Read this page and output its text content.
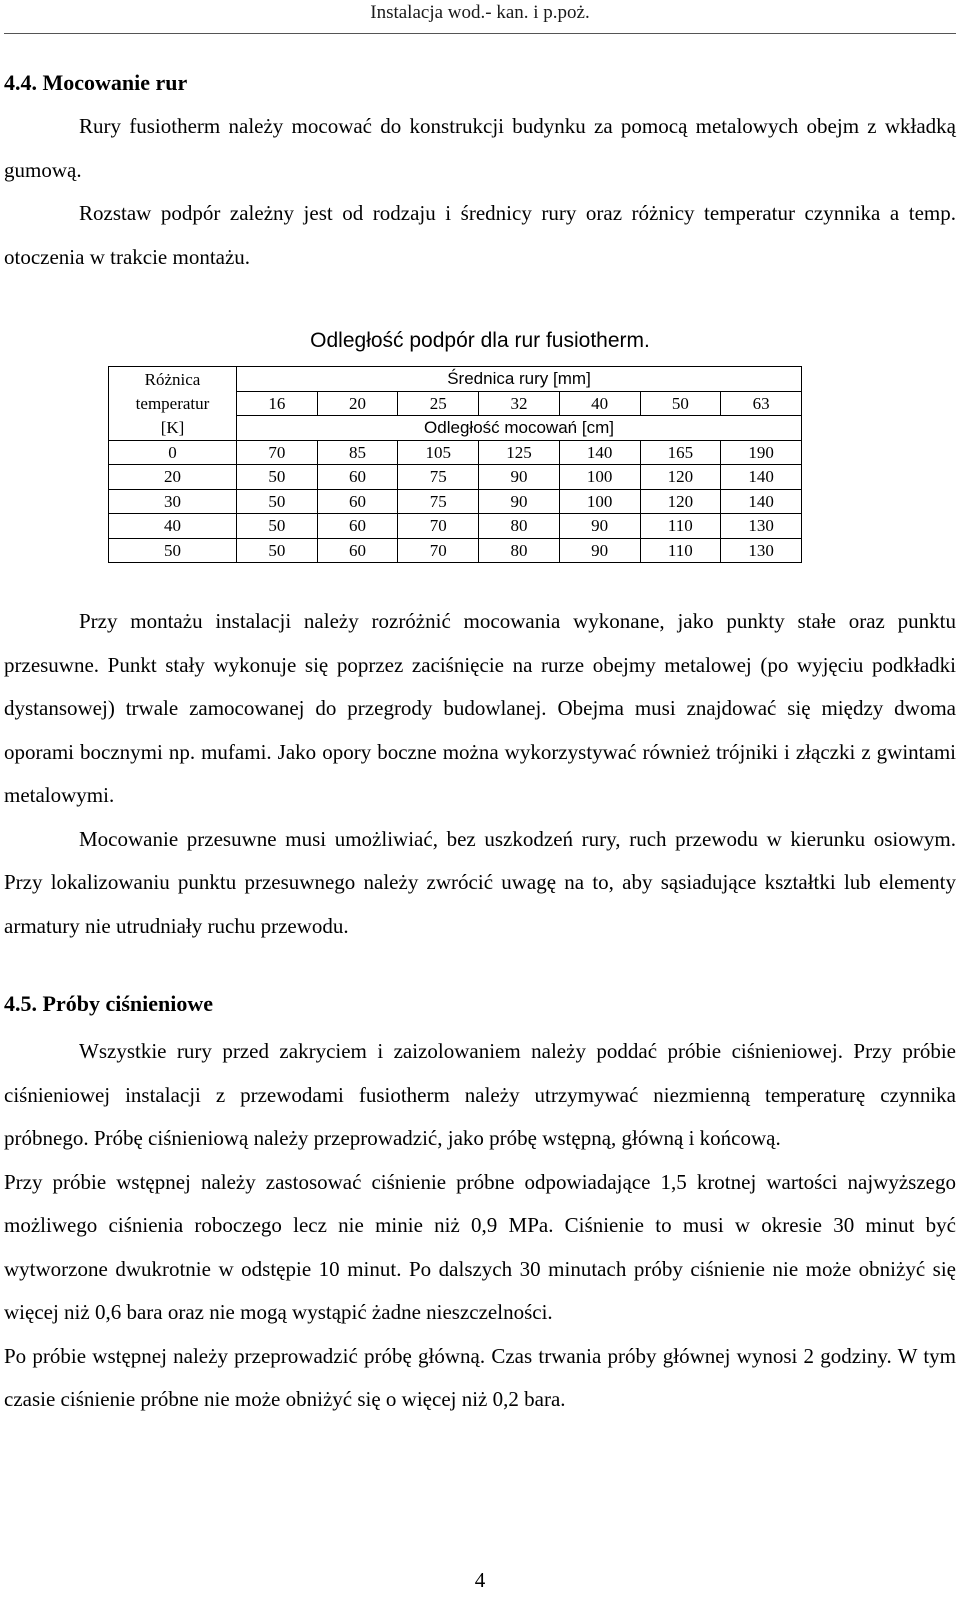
Instalacja wod.- kan. i p.poż.
4.4. Mocowanie rur

Rury fusiotherm należy mocować do konstrukcji budynku za pomocą metalowych obejm z wkładką gumową.

Rozstaw podpór zależny jest od rodzaju i średnicy rury oraz różnicy temperatur czynnika a temp. otoczenia w trakcie montażu.

Odległość podpór dla rur fusiotherm.
Różnica	Średnica rury [mm]						
temperatur	16	20	25	32	40	50	63
[K]	Odległość mocowań [cm]						
0	70	85	105	125	140	165	190
20	50	60	75	90	100	120	140
30	50	60	75	90	100	120	140
40	50	60	70	80	90	110	130
50	50	60	70	80	90	110	130

Przy montażu instalacji należy rozróżnić mocowania wykonane, jako punkty stałe oraz punktu przesuwne. Punkt stały wykonuje się poprzez zaciśnięcie na rurze obejmy metalowej (po wyjęciu podkładki dystansowej) trwale zamocowanej do przegrody budowlanej. Obejma musi znajdować się między dwoma oporami bocznymi np. mufami. Jako opory boczne można wykorzystywać również trójniki i złączki z gwintami metalowymi.

Mocowanie przesuwne musi umożliwiać, bez uszkodzeń rury, ruch przewodu w kierunku osiowym. Przy lokalizowaniu punktu przesuwnego należy zwrócić uwagę na to, aby sąsiadujące kształtki lub elementy armatury nie utrudniały ruchu przewodu.

4.5. Próby ciśnieniowe

Wszystkie rury przed zakryciem i zaizolowaniem należy poddać próbie ciśnieniowej. Przy próbie ciśnieniowej instalacji z przewodami fusiotherm należy utrzymywać niezmienną temperaturę czynnika próbnego. Próbę ciśnieniową należy przeprowadzić, jako próbę wstępną, główną i końcową.

Przy próbie wstępnej należy zastosować ciśnienie próbne odpowiadające 1,5 krotnej wartości najwyższego możliwego ciśnienia roboczego lecz nie minie niż 0,9 MPa. Ciśnienie to musi w okresie 30 minut być wytworzone dwukrotnie w odstępie 10 minut. Po dalszych 30 minutach próby ciśnienie nie może obniżyć się więcej niż 0,6 bara oraz nie mogą wystąpić żadne nieszczelności.

Po próbie wstępnej należy przeprowadzić próbę główną. Czas trwania próby głównej wynosi 2 godziny. W tym czasie ciśnienie próbne nie może obniżyć się o więcej niż 0,2 bara.

4
